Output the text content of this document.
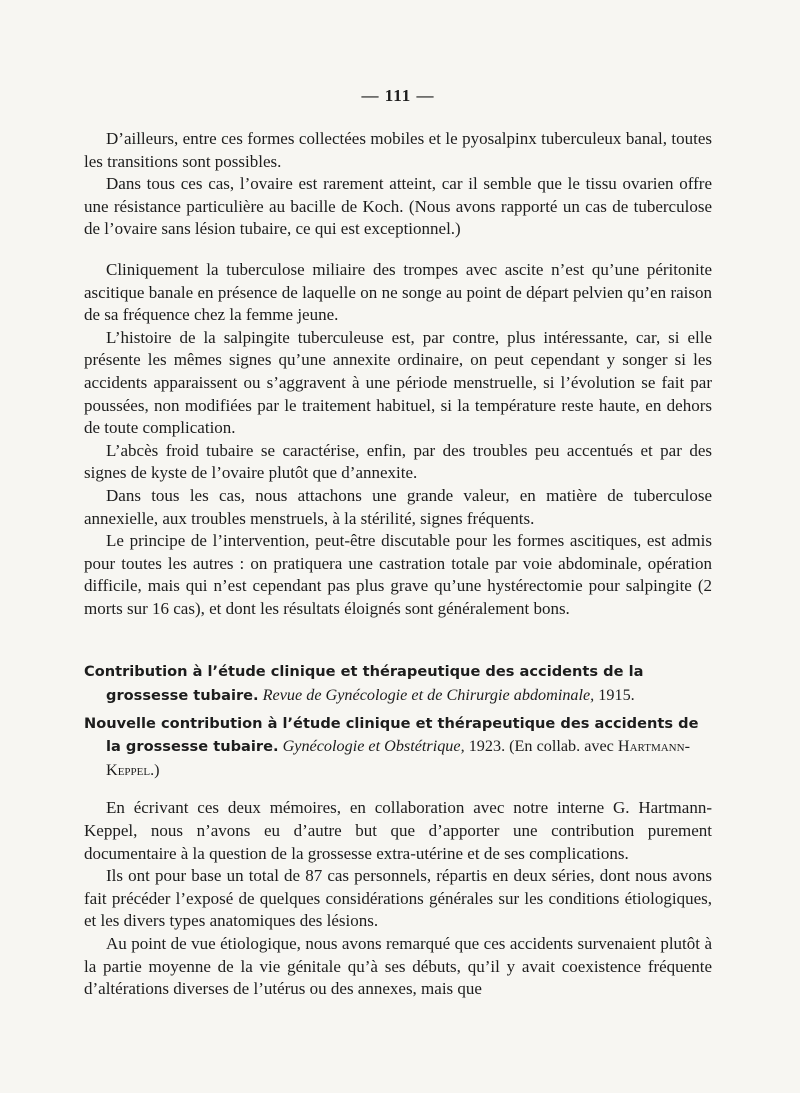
— 111 —

D’ailleurs, entre ces formes collectées mobiles et le pyosalpinx tuberculeux banal, toutes les transitions sont possibles.

Dans tous ces cas, l’ovaire est rarement atteint, car il semble que le tissu ovarien offre une résistance particulière au bacille de Koch. (Nous avons rapporté un cas de tuberculose de l’ovaire sans lésion tubaire, ce qui est exceptionnel.)

Cliniquement la tuberculose miliaire des trompes avec ascite n’est qu’une péritonite ascitique banale en présence de laquelle on ne songe au point de départ pelvien qu’en raison de sa fréquence chez la femme jeune.

L’histoire de la salpingite tuberculeuse est, par contre, plus intéressante, car, si elle présente les mêmes signes qu’une annexite ordinaire, on peut cependant y songer si les accidents apparaissent ou s’aggravent à une période menstruelle, si l’évolution se fait par poussées, non modifiées par le traitement habituel, si la température reste haute, en dehors de toute complication.

L’abcès froid tubaire se caractérise, enfin, par des troubles peu accentués et par des signes de kyste de l’ovaire plutôt que d’annexite.

Dans tous les cas, nous attachons une grande valeur, en matière de tuberculose annexielle, aux troubles menstruels, à la stérilité, signes fréquents.

Le principe de l’intervention, peut-être discutable pour les formes ascitiques, est admis pour toutes les autres : on pratiquera une castration totale par voie abdominale, opération difficile, mais qui n’est cependant pas plus grave qu’une hystérectomie pour salpingite (2 morts sur 16 cas), et dont les résultats éloignés sont généralement bons.

Contribution à l’étude clinique et thérapeutique des accidents de la grossesse tubaire. Revue de Gynécologie et de Chirurgie abdominale, 1915.
Nouvelle contribution à l’étude clinique et thérapeutique des accidents de la grossesse tubaire. Gynécologie et Obstétrique, 1923. (En collab. avec Hartmann-Keppel.)

En écrivant ces deux mémoires, en collaboration avec notre interne G. Hartmann-Keppel, nous n’avons eu d’autre but que d’apporter une contribution purement documentaire à la question de la grossesse extra-utérine et de ses complications.

Ils ont pour base un total de 87 cas personnels, répartis en deux séries, dont nous avons fait précéder l’exposé de quelques considérations générales sur les conditions étiologiques, et les divers types anatomiques des lésions.

Au point de vue étiologique, nous avons remarqué que ces accidents survenaient plutôt à la partie moyenne de la vie génitale qu’à ses débuts, qu’il y avait coexistence fréquente d’altérations diverses de l’utérus ou des annexes, mais que
